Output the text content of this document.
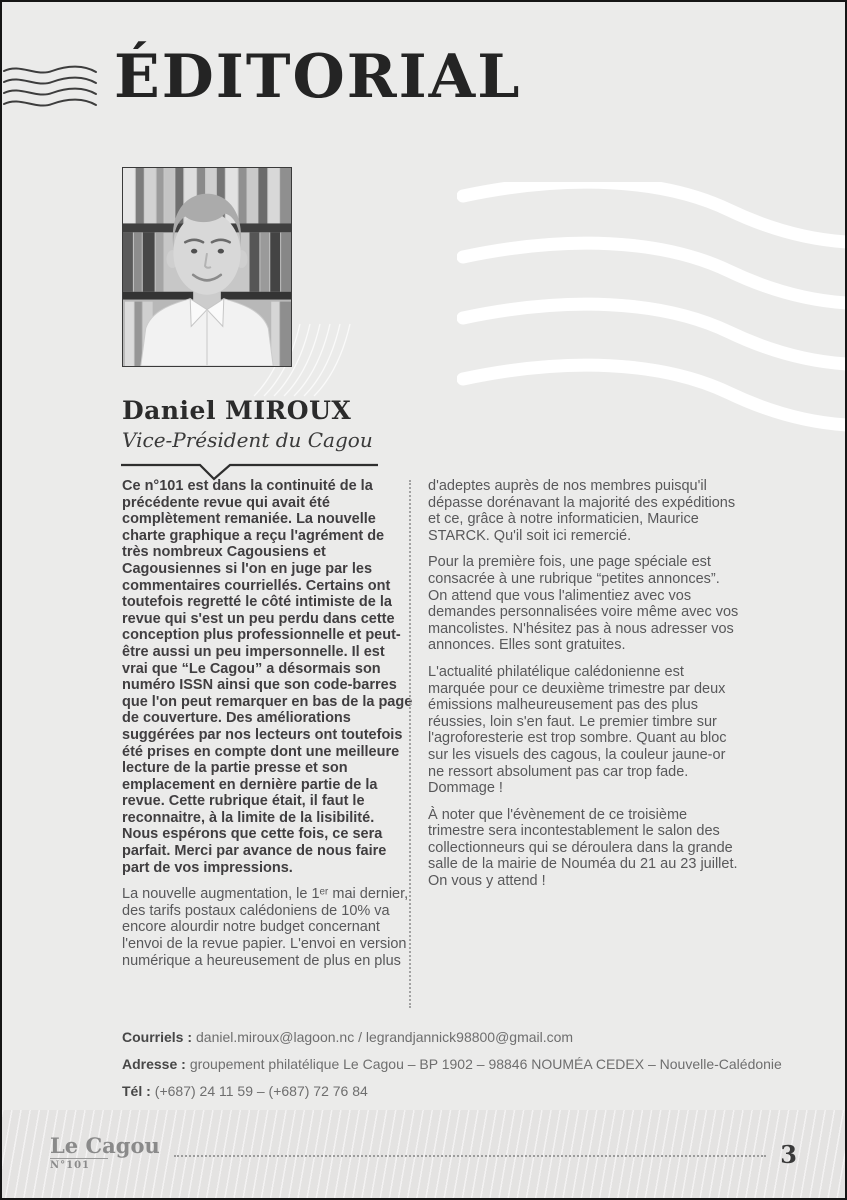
ÉDITORIAL
Daniel MIROUX
Vice-Président du Cagou

Ce n°101 est dans la continuité de la précédente revue qui avait été complètement remaniée. La nouvelle charte graphique a reçu l'agrément de très nombreux Cagousiens et Cagousiennes si l'on en juge par les commentaires courriellés. Certains ont toutefois regretté le côté intimiste de la revue qui s'est un peu perdu dans cette conception plus professionnelle et peut-être aussi un peu impersonnelle. Il est vrai que “Le Cagou” a désormais son numéro ISSN ainsi que son code-barres que l'on peut remarquer en bas de la page de couverture. Des améliorations suggérées par nos lecteurs ont toutefois été prises en compte dont une meilleure lecture de la partie presse et son emplacement en dernière partie de la revue. Cette rubrique était, il faut le reconnaitre, à la limite de la lisibilité. Nous espérons que cette fois, ce sera parfait. Merci par avance de nous faire part de vos impressions.

La nouvelle augmentation, le 1ᵉʳ mai dernier, des tarifs postaux calédoniens de 10% va encore alourdir notre budget concernant l'envoi de la revue papier. L'envoi en version numérique a heureusement de plus en plus

d'adeptes auprès de nos membres puisqu'il dépasse dorénavant la majorité des expéditions et ce, grâce à notre informaticien, Maurice STARCK. Qu'il soit ici remercié.

Pour la première fois, une page spéciale est consacrée à une rubrique “petites annonces”. On attend que vous l'alimentiez avec vos demandes personnalisées voire même avec vos mancolistes. N'hésitez pas à nous adresser vos annonces. Elles sont gratuites.

L'actualité philatélique calédonienne est marquée pour ce deuxième trimestre par deux émissions malheureusement pas des plus réussies, loin s'en faut. Le premier timbre sur l'agroforesterie est trop sombre. Quant au bloc sur les visuels des cagous, la couleur jaune-or ne ressort absolument pas car trop fade. Dommage !

À noter que l'évènement de ce troisième trimestre sera incontestablement le salon des collectionneurs qui se déroulera dans la grande salle de la mairie de Nouméa du 21 au 23 juillet. On vous y attend !

Courriels : daniel.miroux@lagoon.nc / legrandjannick98800@gmail.com
Adresse : groupement philatélique Le Cagou – BP 1902 – 98846 NOUMÉA CEDEX – Nouvelle-Calédonie
Tél : (+687) 24 11 59 – (+687) 72 76 84
Le Cagou
N°101	3
